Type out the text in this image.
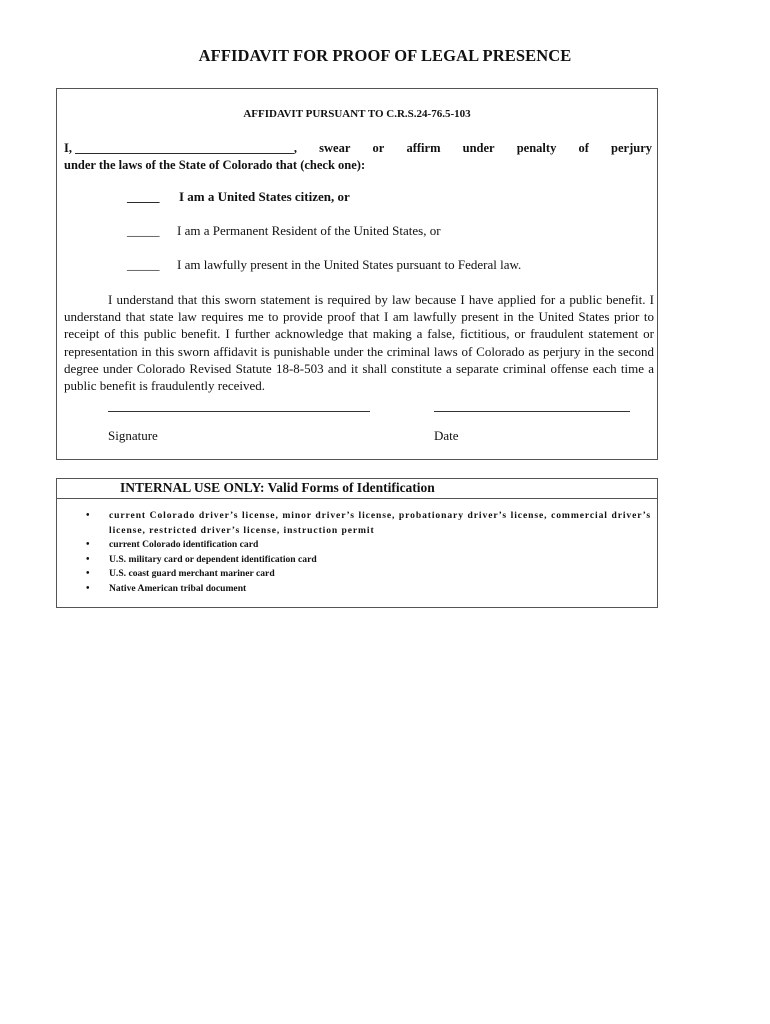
AFFIDAVIT FOR PROOF OF LEGAL PRESENCE
AFFIDAVIT PURSUANT TO C.R.S.24-76.5-103
I, ___________________________________, swear or affirm under penalty of perjury
under the laws of the State of Colorado that (check one):
_____ I am a United States citizen, or
_____ I am a Permanent Resident of the United States, or
_____ I am lawfully present in the United States pursuant to Federal law.

I understand that this sworn statement is required by law because I have applied for a public benefit. I understand that state law requires me to provide proof that I am lawfully present in the United States prior to receipt of this public benefit. I further acknowledge that making a false, fictitious, or fraudulent statement or representation in this sworn affidavit is punishable under the criminal laws of Colorado as perjury in the second degree under Colorado Revised Statute 18-8-503 and it shall constitute a separate criminal offense each time a public benefit is fraudulently received.

Signature	Date
INTERNAL USE ONLY: Valid Forms of Identification
• current Colorado driver’s license, minor driver’s license, probationary driver’s license, commercial driver’s license, restricted driver’s license, instruction permit
• current Colorado identification card
• U.S. military card or dependent identification card
• U.S. coast guard merchant mariner card
• Native American tribal document
